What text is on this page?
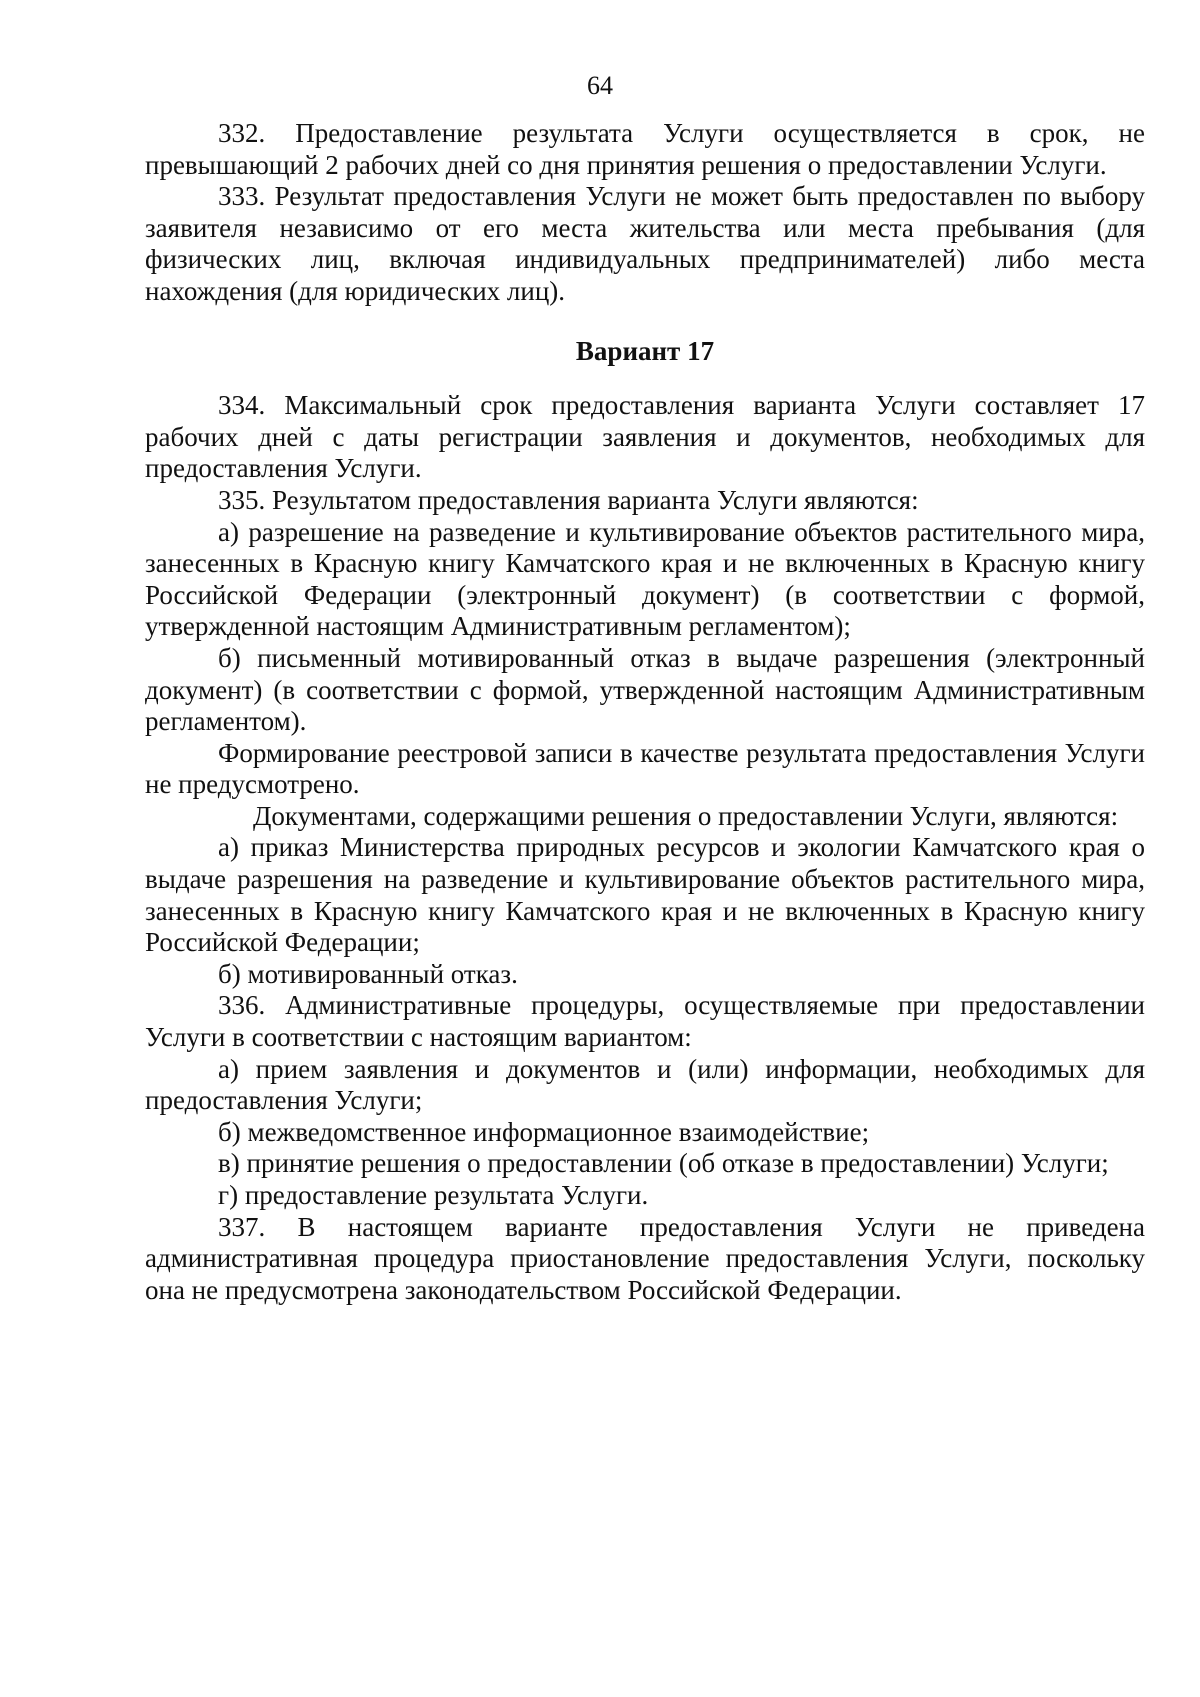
64

332. Предоставление результата Услуги осуществляется в срок, не превышающий 2 рабочих дней со дня принятия решения о предоставлении Услуги.

333. Результат предоставления Услуги не может быть предоставлен по выбору заявителя независимо от его места жительства или места пребывания (для физических лиц, включая индивидуальных предпринимателей) либо места нахождения (для юридических лиц).

Вариант 17

334. Максимальный срок предоставления варианта Услуги составляет 17 рабочих дней с даты регистрации заявления и документов, необходимых для предоставления Услуги.

335. Результатом предоставления варианта Услуги являются:

а) разрешение на разведение и культивирование объектов растительного мира, занесенных в Красную книгу Камчатского края и не включенных в Красную книгу Российской Федерации (электронный документ) (в соответствии с формой, утвержденной настоящим Административным регламентом);

б) письменный мотивированный отказ в выдаче разрешения (электронный документ) (в соответствии с формой, утвержденной настоящим Административным регламентом).

Формирование реестровой записи в качестве результата предоставления Услуги не предусмотрено.

Документами, содержащими решения о предоставлении Услуги, являются:

а) приказ Министерства природных ресурсов и экологии Камчатского края о выдаче разрешения на разведение и культивирование объектов растительного мира, занесенных в Красную книгу Камчатского края и не включенных в Красную книгу Российской Федерации;

б) мотивированный отказ.

336. Административные процедуры, осуществляемые при предоставлении Услуги в соответствии с настоящим вариантом:

а) прием заявления и документов и (или) информации, необходимых для предоставления Услуги;

б) межведомственное информационное взаимодействие;

в) принятие решения о предоставлении (об отказе в предоставлении) Услуги;

г) предоставление результата Услуги.

337. В настоящем варианте предоставления Услуги не приведена административная процедура приостановление предоставления Услуги, поскольку она не предусмотрена законодательством Российской Федерации.
